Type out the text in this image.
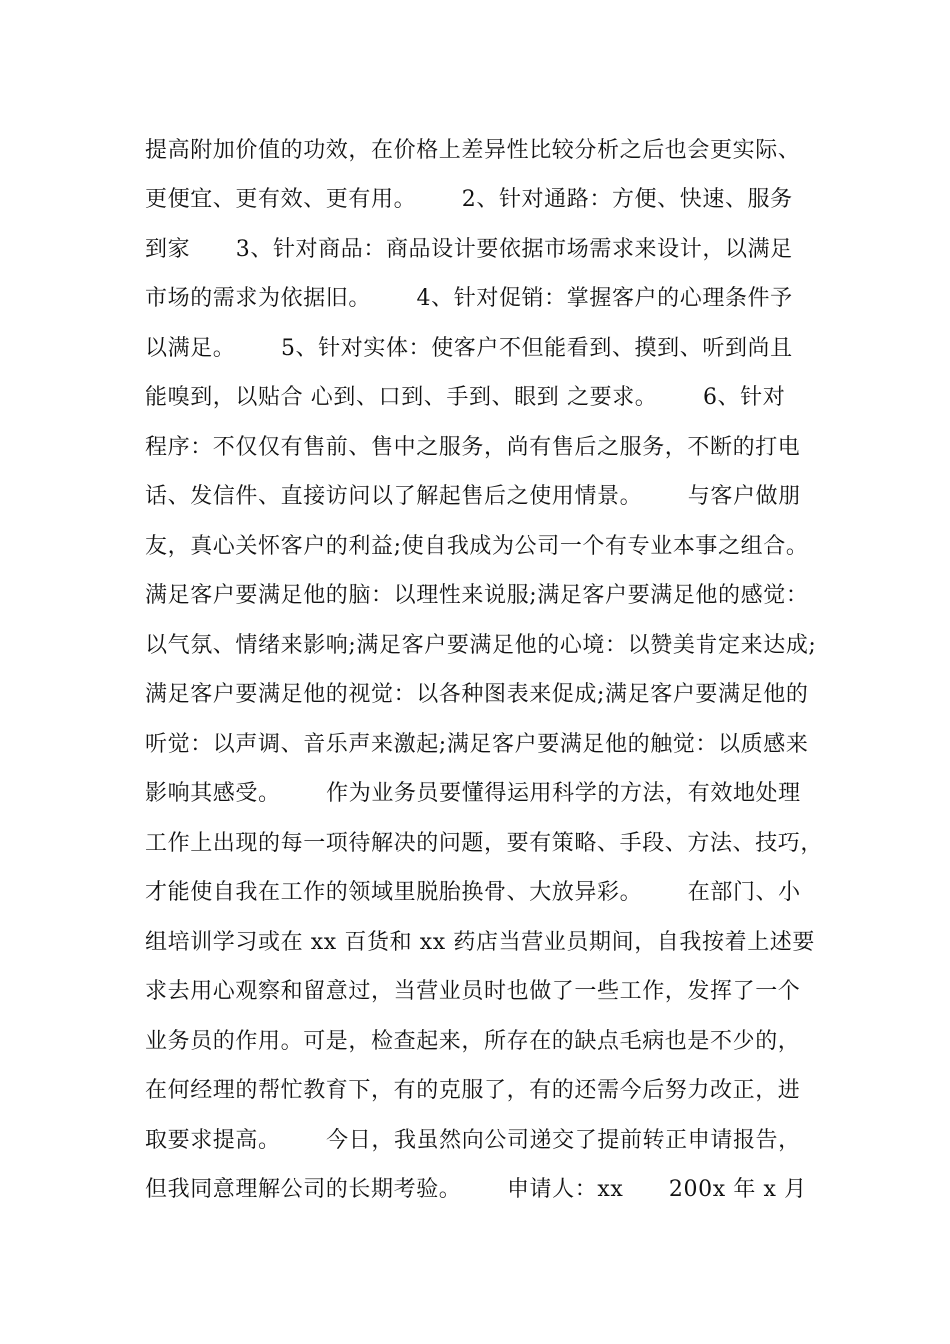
提高附加价值的功效，在价格上差异性比较分析之后也会更实际、
更便宜、更有效、更有用。      2、针对通路：方便、快速、服务
到家      3、针对商品：商品设计要依据市场需求来设计，以满足
市场的需求为依据旧。      4、针对促销：掌握客户的心理条件予
以满足。      5、针对实体：使客户不但能看到、摸到、听到尚且
能嗅到，以贴合 心到、口到、手到、眼到 之要求。      6、针对
程序：不仅仅有售前、售中之服务，尚有售后之服务，不断的打电
话、发信件、直接访问以了解起售后之使用情景。      与客户做朋
友，真心关怀客户的利益;使自我成为公司一个有专业本事之组合。
满足客户要满足他的脑：以理性来说服;满足客户要满足他的感觉：
以气氛、情绪来影响;满足客户要满足他的心境：以赞美肯定来达成;
满足客户要满足他的视觉：以各种图表来促成;满足客户要满足他的
听觉：以声调、音乐声来激起;满足客户要满足他的触觉：以质感来
影响其感受。      作为业务员要懂得运用科学的方法，有效地处理
工作上出现的每一项待解决的问题，要有策略、手段、方法、技巧，
才能使自我在工作的领域里脱胎换骨、大放异彩。      在部门、小
组培训学习或在 xx 百货和 xx 药店当营业员期间，自我按着上述要
求去用心观察和留意过，当营业员时也做了一些工作，发挥了一个
业务员的作用。可是，检查起来，所存在的缺点毛病也是不少的，
在何经理的帮忙教育下，有的克服了，有的还需今后努力改正，进
取要求提高。      今日，我虽然向公司递交了提前转正申请报告，
但我同意理解公司的长期考验。      申请人：xx      200x 年 x 月
